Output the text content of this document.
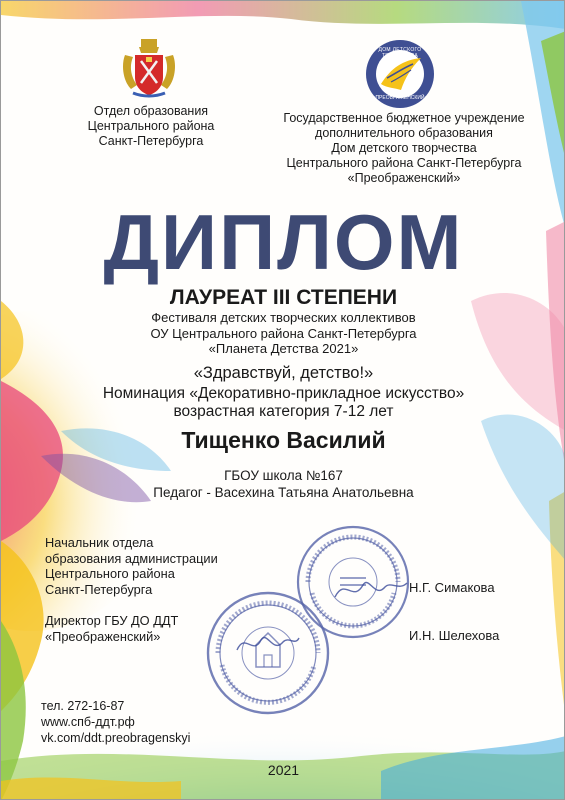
ДОМ ДЕТСКОГО ТВОРЧЕСТВА

«ПРЕОБРАЖЕНСКИЙ»

Отдел образования
Центрального района
Санкт-Петербурга
Государственное бюджетное учреждение
дополнительного образования
Дом детского творчества
Центрального района Санкт-Петербурга
«Преображенский»

ДИПЛОМ

ЛАУРЕАТ III СТЕПЕНИ

Фестиваля детских творческих коллективов
ОУ Центрального района Санкт-Петербурга
«Планета Детства 2021»

«Здравствуй, детство!»

Номинация «Декоративно-прикладное искусство»

возрастная категория 7-12 лет

Тищенко Василий

ГБОУ школа №167

Педагог - Васехина Татьяна Анатольевна

Начальник отдела
образования администрации
Центрального района
Санкт-Петербурга	Н.Г. Симакова

Директор ГБУ ДО ДДТ
«Преображенский»	И.Н. Шелехова

тел. 272-16-87
www.спб-ддт.рф
vk.com/ddt.preobragenskyi

2021
